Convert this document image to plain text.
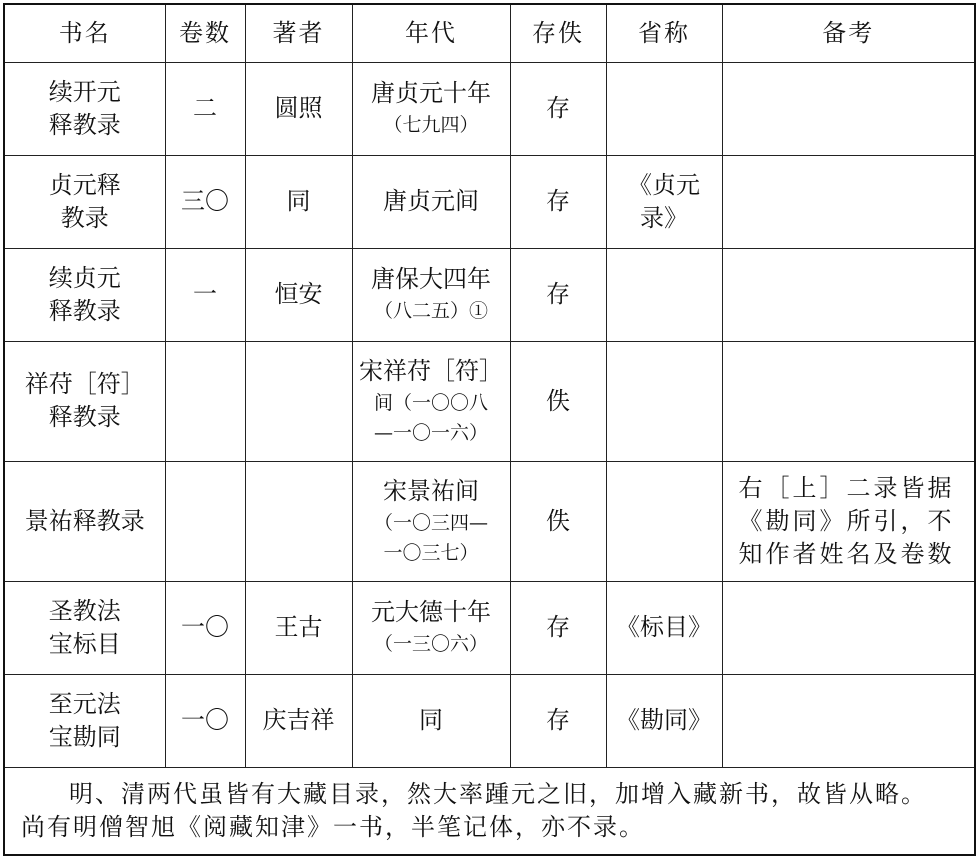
书名	卷数	著者	年代	存佚	省称	备考

续开元
释教录	二	圆照	唐贞元十年
（七九四）	存		

贞元释
教录	三〇	同	唐贞元间	存	《贞元录》	

续贞元
释教录	一	恒安	唐保大四年
（八二五）①	存		

祥苻［符］
释教录			宋祥苻［符］
间（一〇〇八
—一〇一六）	佚		

景祐释教录			宋景祐间
（一〇三四—
一〇三七）	佚		右［上］二录皆据
《勘同》所引，不
知作者姓名及卷数

圣教法
宝标目	一〇	王古	元大德十年
（一三〇六）	存	《标目》	

至元法
宝勘同	一〇	庆吉祥	同	存	《勘同》	

明、清两代虽皆有大藏目录，然大率踵元之旧，加增入藏新书，故皆从略。
尚有明僧智旭《阅藏知津》一书，半笔记体，亦不录。						
